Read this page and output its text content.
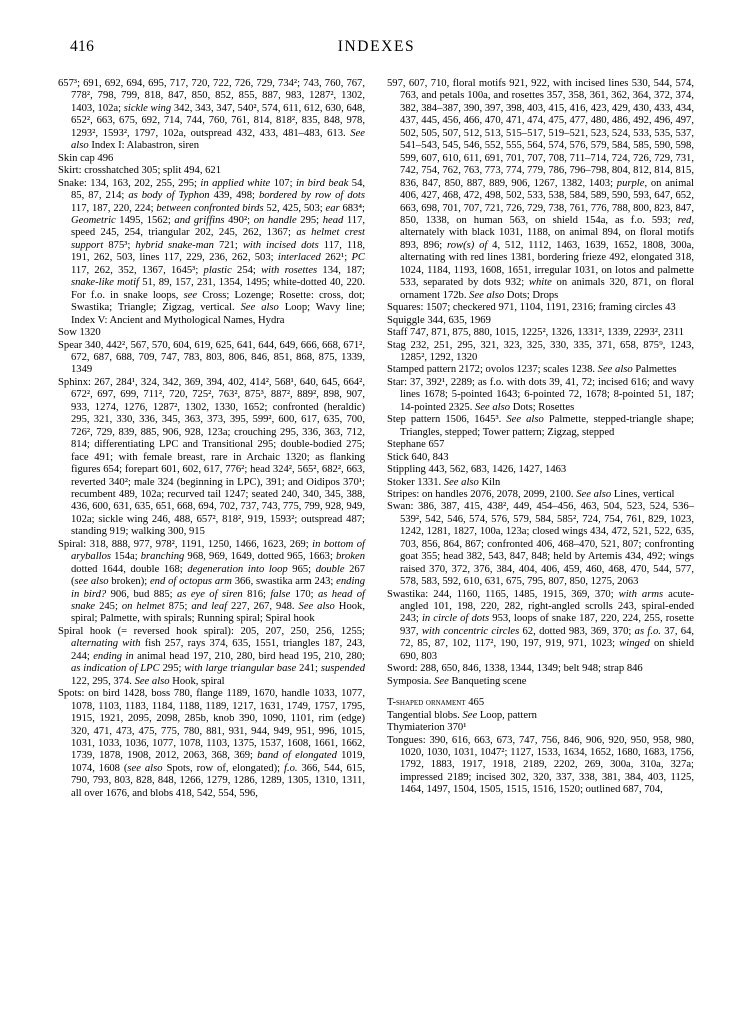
416	INDEXES

657³; 691, 692, 694, 695, 717, 720, 722, 726, 729, 734²; 743, 760, 767, 778², 798, 799, 818, 847, 850, 852, 855, 887, 983, 1287², 1302, 1403, 102a; sickle wing 342, 343, 347, 540², 574, 611, 612, 630, 648, 652², 663, 675, 692, 714, 744, 760, 761, 814, 818², 835, 848, 978, 1293², 1593², 1797, 102a, outspread 432, 433, 481–483, 613. See also Index I: Alabastron, siren

Skin cap 496

Skirt: crosshatched 305; split 494, 621

Snake: 134, 163, 202, 255, 295; in applied white 107; in bird beak 54, 85, 87, 214; as body of Typhon 439, 498; bordered by row of dots 117, 187, 220, 224; between confronted birds 52, 425, 503; ear 683⁴; Geometric 1495, 1562; and griffins 490²; on handle 295; head 117, speed 245, 254, triangular 202, 245, 262, 1367; as helmet crest support 875³; hybrid snake-man 721; with incised dots 117, 118, 191, 262, 503, lines 117, 229, 236, 262, 503; interlaced 262¹; PC 117, 262, 352, 1367, 1645³; plastic 254; with rosettes 134, 187; snake-like motif 51, 89, 157, 231, 1354, 1495; white-dotted 40, 220. For f.o. in snake loops, see Cross; Lozenge; Rosette: cross, dot; Swastika; Triangle; Zigzag, vertical. See also Loop; Wavy line; Index V: Ancient and Mythological Names, Hydra

Sow 1320

Spear 340, 442², 567, 570, 604, 619, 625, 641, 644, 649, 666, 668, 671², 672, 687, 688, 709, 747, 783, 803, 806, 846, 851, 868, 875, 1339, 1349

Sphinx: 267, 284¹, 324, 342, 369, 394, 402, 414², 568¹, 640, 645, 664², 672², 697, 699, 711², 720, 725², 763², 875³, 887², 889², 898, 907, 933, 1274, 1276, 1287², 1302, 1330, 1652; confronted (heraldic) 295, 321, 330, 336, 345, 363, 373, 395, 599², 600, 617, 635, 700, 726², 729, 839, 885, 906, 928, 123a; crouching 295, 336, 363, 712, 814; differentiating LPC and Transitional 295; double-bodied 275; face 491; with female breast, rare in Archaic 1320; as flanking figures 654; forepart 601, 602, 617, 776²; head 324², 565², 682², 663, reverted 340²; male 324 (beginning in LPC), 391; and Oidipos 370¹; recumbent 489, 102a; recurved tail 1247; seated 240, 340, 345, 388, 436, 600, 631, 635, 651, 668, 694, 702, 737, 743, 775, 799, 928, 949, 102a; sickle wing 246, 488, 657², 818², 919, 1593²; outspread 487; standing 919; walking 300, 915

Spiral: 318, 888, 977, 978², 1191, 1250, 1466, 1623, 269; in bottom of aryballos 154a; branching 968, 969, 1649, dotted 965, 1663; broken dotted 1644, double 168; degeneration into loop 965; double 267 (see also broken); end of octopus arm 366, swastika arm 243; ending in bird? 906, bud 885; as eye of siren 816; false 170; as head of snake 245; on helmet 875; and leaf 227, 267, 948. See also Hook, spiral; Palmette, with spirals; Running spiral; Spiral hook

Spiral hook (= reversed hook spiral): 205, 207, 250, 256, 1255; alternating with fish 257, rays 374, 635, 1551, triangles 187, 243, 244; ending in animal head 197, 210, 280, bird head 195, 210, 280; as indication of LPC 295; with large triangular base 241; suspended 122, 295, 374. See also Hook, spiral

Spots: on bird 1428, boss 780, flange 1189, 1670, handle 1033, 1077, 1078, 1103, 1183, 1184, 1188, 1189, 1217, 1631, 1749, 1757, 1795, 1915, 1921, 2095, 2098, 285b, knob 390, 1090, 1101, rim (edge) 320, 471, 473, 475, 775, 780, 881, 931, 944, 949, 951, 996, 1015, 1031, 1033, 1036, 1077, 1078, 1103, 1375, 1537, 1608, 1661, 1662, 1739, 1878, 1908, 2012, 2063, 368, 369; band of elongated 1019, 1074, 1608 (see also Spots, row of, elongated); f.o. 366, 544, 615, 790, 793, 803, 828, 848, 1266, 1279, 1286, 1289, 1305, 1310, 1311, all over 1676, and blobs 418, 542, 554, 596,

597, 607, 710, floral motifs 921, 922, with incised lines 530, 544, 574, 763, and petals 100a, and rosettes 357, 358, 361, 362, 364, 372, 374, 382, 384–387, 390, 397, 398, 403, 415, 416, 423, 429, 430, 433, 434, 437, 445, 456, 466, 470, 471, 474, 475, 477, 480, 486, 492, 496, 497, 502, 505, 507, 512, 513, 515–517, 519–521, 523, 524, 533, 535, 537, 541–543, 545, 546, 552, 555, 564, 574, 576, 579, 584, 585, 590, 598, 599, 607, 610, 611, 691, 701, 707, 708, 711–714, 724, 726, 729, 731, 742, 754, 762, 763, 773, 774, 779, 786, 796–798, 804, 812, 814, 815, 836, 847, 850, 887, 889, 906, 1267, 1382, 1403; purple, on animal 406, 427, 468, 472, 498, 502, 533, 538, 584, 589, 590, 593, 647, 652, 663, 698, 701, 707, 721, 726, 729, 738, 761, 776, 788, 800, 823, 847, 850, 1338, on human 563, on shield 154a, as f.o. 593; red, alternately with black 1031, 1188, on animal 894, on floral motifs 893, 896; row(s) of 4, 512, 1112, 1463, 1639, 1652, 1808, 300a, alternating with red lines 1381, bordering frieze 492, elongated 318, 1024, 1184, 1193, 1608, 1651, irregular 1031, on lotos and palmette 533, separated by dots 932; white on animals 320, 871, on floral ornament 172b. See also Dots; Drops

Squares: 1507; checkered 971, 1104, 1191, 2316; framing circles 43

Squiggle 344, 635, 1969

Staff 747, 871, 875, 880, 1015, 1225², 1326, 1331², 1339, 2293², 2311

Stag 232, 251, 295, 321, 323, 325, 330, 335, 371, 658, 875⁹, 1243, 1285², 1292, 1320

Stamped pattern 2172; ovolos 1237; scales 1238. See also Palmettes

Star: 37, 392¹, 2289; as f.o. with dots 39, 41, 72; incised 616; and wavy lines 1678; 5-pointed 1643; 6-pointed 72, 1678; 8-pointed 51, 187; 14-pointed 2325. See also Dots; Rosettes

Step pattern 1506, 1645³. See also Palmette, stepped-triangle shape; Triangles, stepped; Tower pattern; Zigzag, stepped

Stephane 657

Stick 640, 843

Stippling 443, 562, 683, 1426, 1427, 1463

Stoker 1331. See also Kiln

Stripes: on handles 2076, 2078, 2099, 2100. See also Lines, vertical

Swan: 386, 387, 415, 438², 449, 454–456, 463, 504, 523, 524, 536–539², 542, 546, 574, 576, 579, 584, 585², 724, 754, 761, 829, 1023, 1242, 1281, 1827, 100a, 123a; closed wings 434, 472, 521, 522, 635, 703, 856, 864, 867; confronted 406, 468–470, 521, 807; confronting goat 355; head 382, 543, 847, 848; held by Artemis 434, 492; wings raised 370, 372, 376, 384, 404, 406, 459, 460, 468, 470, 544, 577, 578, 583, 592, 610, 631, 675, 795, 807, 850, 1275, 2063

Swastika: 244, 1160, 1165, 1485, 1915, 369, 370; with arms acute-angled 101, 198, 220, 282, right-angled scrolls 243, spiral-ended 243; in circle of dots 953, loops of snake 187, 220, 224, 255, rosette 937, with concentric circles 62, dotted 983, 369, 370; as f.o. 37, 64, 72, 85, 87, 102, 117², 190, 197, 919, 971, 1023; winged on shield 690, 803

Sword: 288, 650, 846, 1338, 1344, 1349; belt 948; strap 846

Symposia. See Banqueting scene

T-shaped ornament 465

Tangential blobs. See Loop, pattern

Thymiaterion 370¹

Tongues: 390, 616, 663, 673, 747, 756, 846, 906, 920, 950, 958, 980, 1020, 1030, 1031, 1047²; 1127, 1533, 1634, 1652, 1680, 1683, 1756, 1792, 1883, 1917, 1918, 2189, 2202, 269, 300a, 310a, 327a; impressed 2189; incised 302, 320, 337, 338, 381, 384, 403, 1125, 1464, 1497, 1504, 1505, 1515, 1516, 1520; outlined 687, 704,
